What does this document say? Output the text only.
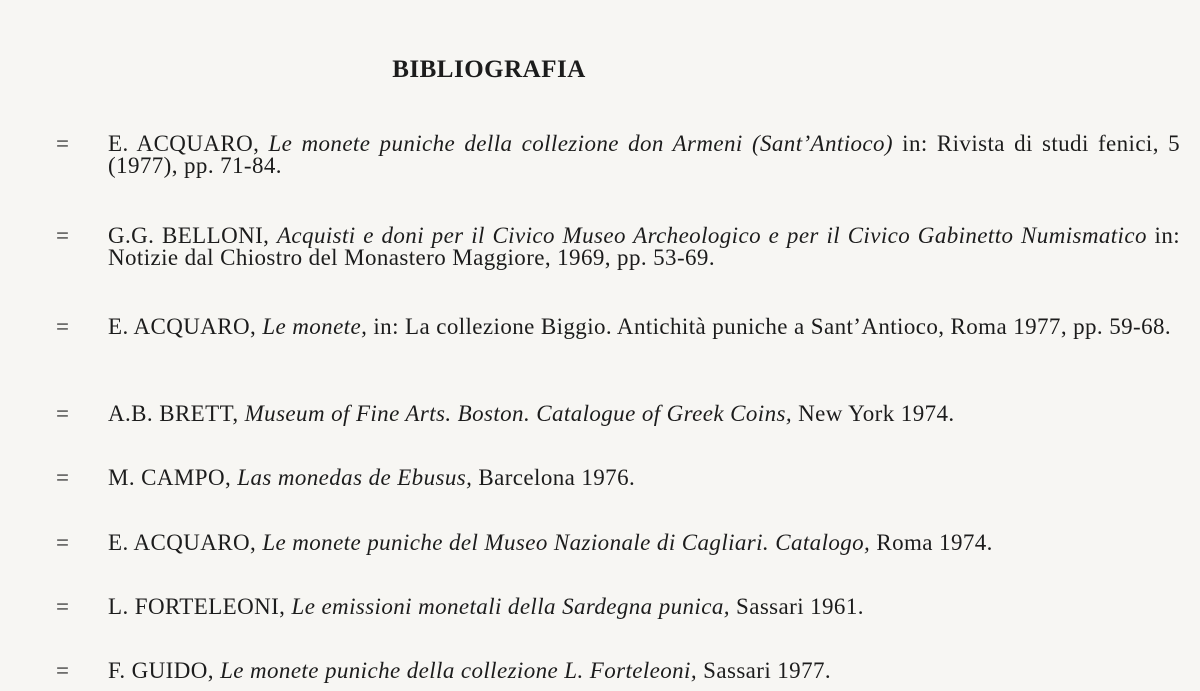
BIBLIOGRAFIA
=	E. ACQUARO, Le monete puniche della collezione don Armeni (Sant’Antioco) in: Rivista di studi fenici, 5 (1977), pp. 71-84.
=	G.G. BELLONI, Acquisti e doni per il Civico Museo Archeologico e per il Civico Gabinetto Numismatico in: Notizie dal Chiostro del Monastero Maggiore, 1969, pp. 53-69.
=	E. ACQUARO, Le monete, in: La collezione Biggio. Antichità puniche a Sant’Antioco, Roma 1977, pp. 59-68.
=	A.B. BRETT, Museum of Fine Arts. Boston. Catalogue of Greek Coins, New York 1974.
=	M. CAMPO, Las monedas de Ebusus, Barcelona 1976.
=	E. ACQUARO, Le monete puniche del Museo Nazionale di Cagliari. Catalogo, Roma 1974.
=	L. FORTELEONI, Le emissioni monetali della Sardegna punica, Sassari 1961.
=	F. GUIDO, Le monete puniche della collezione L. Forteleoni, Sassari 1977.
